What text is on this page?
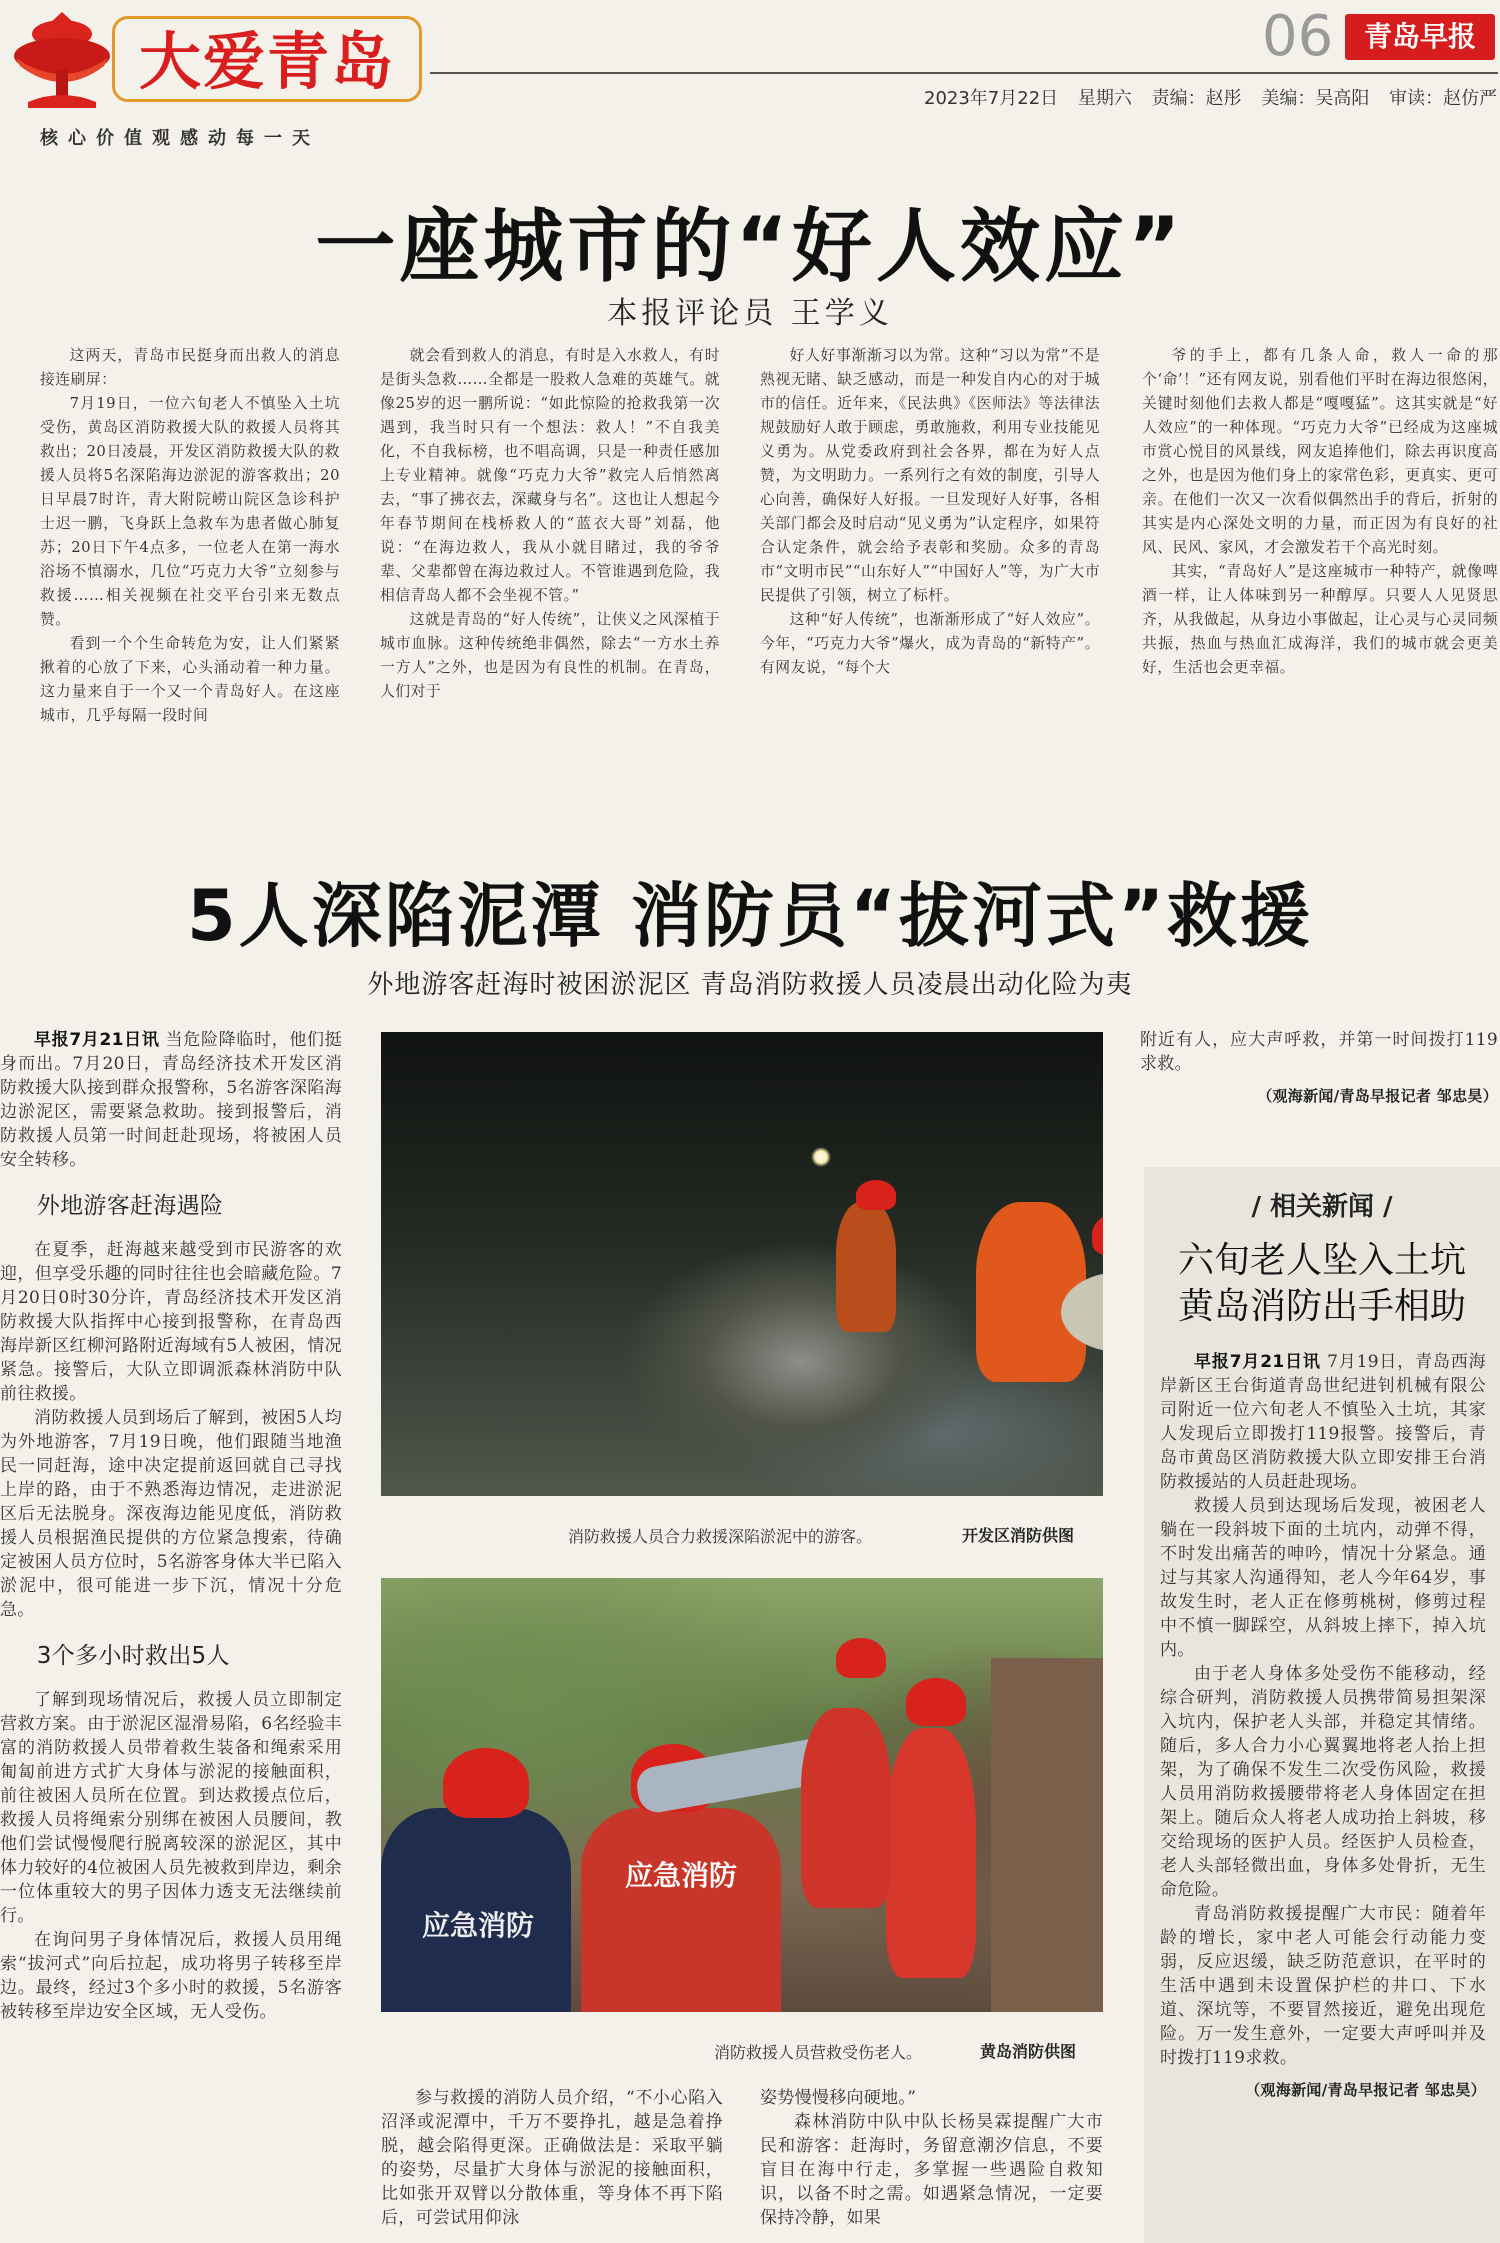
大爱青岛
核心价值观感动每一天
06	青岛早报
2023年7月22日 星期六 责编：赵彤 美编：吴高阳 审读：赵仿严
一座城市的“好人效应”
本报评论员 王学义

这两天，青岛市民挺身而出救人的消息接连刷屏：

7月19日，一位六旬老人不慎坠入土坑受伤，黄岛区消防救援大队的救援人员将其救出；20日凌晨，开发区消防救援大队的救援人员将5名深陷海边淤泥的游客救出；20日早晨7时许，青大附院崂山院区急诊科护士迟一鹏，飞身跃上急救车为患者做心肺复苏；20日下午4点多，一位老人在第一海水浴场不慎溺水，几位“巧克力大爷”立刻参与救援……相关视频在社交平台引来无数点赞。

看到一个个生命转危为安，让人们紧紧揪着的心放了下来，心头涌动着一种力量。这力量来自于一个又一个青岛好人。在这座城市，几乎每隔一段时间

就会看到救人的消息，有时是入水救人，有时是街头急救……全都是一股救人急难的英雄气。就像25岁的迟一鹏所说：“如此惊险的抢救我第一次遇到，我当时只有一个想法：救人！”不自我美化，不自我标榜，也不唱高调，只是一种责任感加上专业精神。就像“巧克力大爷”救完人后悄然离去，“事了拂衣去，深藏身与名”。这也让人想起今年春节期间在栈桥救人的“蓝衣大哥”刘磊，他说：“在海边救人，我从小就目睹过，我的爷爷辈、父辈都曾在海边救过人。不管谁遇到危险，我相信青岛人都不会坐视不管。”

这就是青岛的“好人传统”，让侠义之风深植于城市血脉。这种传统绝非偶然，除去“一方水土养一方人”之外，也是因为有良性的机制。在青岛，人们对于

好人好事渐渐习以为常。这种“习以为常”不是熟视无睹、缺乏感动，而是一种发自内心的对于城市的信任。近年来，《民法典》《医师法》等法律法规鼓励好人敢于顾虑，勇敢施救，利用专业技能见义勇为。从党委政府到社会各界，都在为好人点赞，为文明助力。一系列行之有效的制度，引导人心向善，确保好人好报。一旦发现好人好事，各相关部门都会及时启动“见义勇为”认定程序，如果符合认定条件，就会给予表彰和奖励。众多的青岛市“文明市民”“山东好人”“中国好人”等，为广大市民提供了引领，树立了标杆。

这种“好人传统”，也渐渐形成了“好人效应”。今年，“巧克力大爷”爆火，成为青岛的“新特产”。有网友说，“每个大

爷的手上，都有几条人命，救人一命的那个‘命’！”还有网友说，别看他们平时在海边很悠闲，关键时刻他们去救人都是“嘎嘎猛”。这其实就是“好人效应”的一种体现。“巧克力大爷”已经成为这座城市赏心悦目的风景线，网友追捧他们，除去再识度高之外，也是因为他们身上的家常色彩，更真实、更可亲。在他们一次又一次看似偶然出手的背后，折射的其实是内心深处文明的力量，而正因为有良好的社风、民风、家风，才会激发若干个高光时刻。

其实，“青岛好人”是这座城市一种特产，就像啤酒一样，让人体味到另一种醇厚。只要人人见贤思齐，从我做起，从身边小事做起，让心灵与心灵同频共振，热血与热血汇成海洋，我们的城市就会更美好，生活也会更幸福。

5人深陷泥潭 消防员“拔河式”救援
外地游客赶海时被困淤泥区 青岛消防救援人员凌晨出动化险为夷

早报7月21日讯 当危险降临时，他们挺身而出。7月20日，青岛经济技术开发区消防救援大队接到群众报警称，5名游客深陷海边淤泥区，需要紧急救助。接到报警后，消防救援人员第一时间赶赴现场，将被困人员安全转移。

外地游客赶海遇险

在夏季，赶海越来越受到市民游客的欢迎，但享受乐趣的同时往往也会暗藏危险。7月20日0时30分许，青岛经济技术开发区消防救援大队指挥中心接到报警称，在青岛西海岸新区红柳河路附近海域有5人被困，情况紧急。接警后，大队立即调派森林消防中队前往救援。

消防救援人员到场后了解到，被困5人均为外地游客，7月19日晚，他们跟随当地渔民一同赶海，途中决定提前返回就自己寻找上岸的路，由于不熟悉海边情况，走进淤泥区后无法脱身。深夜海边能见度低，消防救援人员根据渔民提供的方位紧急搜索，待确定被困人员方位时，5名游客身体大半已陷入淤泥中，很可能进一步下沉，情况十分危急。

3个多小时救出5人

了解到现场情况后，救援人员立即制定营救方案。由于淤泥区湿滑易陷，6名经验丰富的消防救援人员带着救生装备和绳索采用匍匐前进方式扩大身体与淤泥的接触面积，前往被困人员所在位置。到达救援点位后，救援人员将绳索分别绑在被困人员腰间，教他们尝试慢慢爬行脱离较深的淤泥区，其中体力较好的4位被困人员先被救到岸边，剩余一位体重较大的男子因体力透支无法继续前行。

在询问男子身体情况后，救援人员用绳索“拔河式”向后拉起，成功将男子转移至岸边。最终，经过3个多小时的救援，5名游客被转移至岸边安全区域，无人受伤。

消防救援人员合力救援深陷淤泥中的游客。	开发区消防供图
应急消防
应急消防
消防救援人员营救受伤老人。	黄岛消防供图

参与救援的消防人员介绍，“不小心陷入沼泽或泥潭中，千万不要挣扎，越是急着挣脱，越会陷得更深。正确做法是：采取平躺的姿势，尽量扩大身体与淤泥的接触面积，比如张开双臂以分散体重，等身体不再下陷后，可尝试用仰泳

姿势慢慢移向硬地。”

森林消防中队中队长杨昊霖提醒广大市民和游客：赶海时，务留意潮汐信息，不要盲目在海中行走，多掌握一些遇险自救知识，以备不时之需。如遇紧急情况，一定要保持冷静，如果

附近有人，应大声呼救，并第一时间拨打119求救。

（观海新闻/青岛早报记者 邹忠昊）
/ 相关新闻 /
六旬老人坠入土坑
黄岛消防出手相助

早报7月21日讯 7月19日，青岛西海岸新区王台街道青岛世纪进钊机械有限公司附近一位六旬老人不慎坠入土坑，其家人发现后立即拨打119报警。接警后，青岛市黄岛区消防救援大队立即安排王台消防救援站的人员赶赴现场。

救援人员到达现场后发现，被困老人躺在一段斜坡下面的土坑内，动弹不得，不时发出痛苦的呻吟，情况十分紧急。通过与其家人沟通得知，老人今年64岁，事故发生时，老人正在修剪桃树，修剪过程中不慎一脚踩空，从斜坡上摔下，掉入坑内。

由于老人身体多处受伤不能移动，经综合研判，消防救援人员携带简易担架深入坑内，保护老人头部，并稳定其情绪。随后，多人合力小心翼翼地将老人抬上担架，为了确保不发生二次受伤风险，救援人员用消防救援腰带将老人身体固定在担架上。随后众人将老人成功抬上斜坡，移交给现场的医护人员。经医护人员检查，老人头部轻微出血，身体多处骨折，无生命危险。

青岛消防救援提醒广大市民：随着年龄的增长，家中老人可能会行动能力变弱，反应迟缓，缺乏防范意识，在平时的生活中遇到未设置保护栏的井口、下水道、深坑等，不要冒然接近，避免出现危险。万一发生意外，一定要大声呼叫并及时拨打119求救。

（观海新闻/青岛早报记者 邹忠昊）
